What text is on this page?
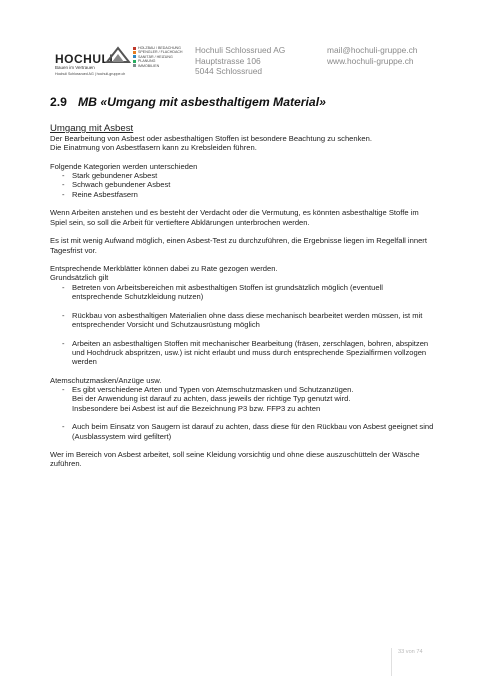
HOCHULI
Bauen im Vertrauen
Hochuli Schlossrued AG | hochuli-gruppe.ch
HOLZBAU / BEDACHUNG
SPENGLER / FLACHDACH
SANITÄR / HEIZUNG
PLANUNG
IMMOBILIEN
Hochuli Schlossrued AG
Hauptstrasse 106
5044 Schlossrued
mail@hochuli-gruppe.ch
www.hochuli-gruppe.ch
2.9 MB «Umgang mit asbesthaltigem Material»

Umgang mit Asbest

Der Bearbeitung von Asbest oder asbesthaltigen Stoffen ist besondere Beachtung zu schenken.

Die Einatmung von Asbestfasern kann zu Krebsleiden führen.

Folgende Kategorien werden unterschieden

- Stark gebundener Asbest
- Schwach gebundener Asbest
- Reine Asbestfasern

Wenn Arbeiten anstehen und es besteht der Verdacht oder die Vermutung, es könnten asbesthaltige Stoffe im Spiel sein, so soll die Arbeit für vertieftere Abklärungen unterbrochen werden.

Es ist mit wenig Aufwand möglich, einen Asbest-Test zu durchzuführen, die Ergebnisse liegen im Regelfall innert Tagesfrist vor.

Entsprechende Merkblätter können dabei zu Rate gezogen werden.

Grundsätzlich gilt

- Betreten von Arbeitsbereichen mit asbesthaltigen Stoffen ist grundsätzlich möglich (eventuell entsprechende Schutzkleidung nutzen)
- Rückbau von asbesthaltigen Materialien ohne dass diese mechanisch bearbeitet werden müssen, ist mit entsprechender Vorsicht und Schutzausrüstung möglich
- Arbeiten an asbesthaltigen Stoffen mit mechanischer Bearbeitung (fräsen, zerschlagen, bohren, abspitzen und Hochdruck abspritzen, usw.) ist nicht erlaubt und muss durch entsprechende Spezialfirmen vollzogen werden

Atemschutzmasken/Anzüge usw.

- Es gibt verschiedene Arten und Typen von Atemschutzmasken und Schutzanzügen.
Bei der Anwendung ist darauf zu achten, dass jeweils der richtige Typ genutzt wird.
Insbesondere bei Asbest ist auf die Bezeichnung P3 bzw. FFP3 zu achten
- Auch beim Einsatz von Saugern ist darauf zu achten, dass diese für den Rückbau von Asbest geeignet sind (Ausblassystem wird gefiltert)

Wer im Bereich von Asbest arbeitet, soll seine Kleidung vorsichtig und ohne diese auszuschütteln der Wäsche zuführen.

33 von 74
